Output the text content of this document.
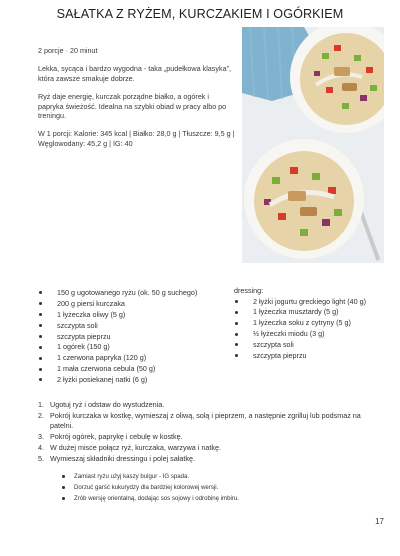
SAŁATKA Z RYŻEM, KURCZAKIEM I OGÓRKIEM

2 porcje · 20 minut

Lekka, sycąca i bardzo wygodna - taka „pudełkowa klasyka”, która zawsze smakuje dobrze.

Ryż daje energię, kurczak porządne białko, a ogórek i papryka świeżość. Idealna na szybki obiad w pracy albo po treningu.

W 1 porcji: Kalorie: 345 kcal | Białko: 28,0 g | Tłuszcze: 9,5 g | Węglowodany: 45,2 g | IG: 40

150 g ugotowanego ryżu (ok. 50 g suchego)
200 g piersi kurczaka
1 łyżeczka oliwy (5 g)
szczypta soli
szczypta pieprzu
1 ogórek (150 g)
1 czerwona papryka (120 g)
1 mała czerwona cebula (50 g)
2 łyżki posiekanej natki (6 g)
dressing:
2 łyżki jogurtu greckiego light (40 g)
1 łyżeczka musztardy (5 g)
1 łyżeczka soku z cytryny (5 g)
½ łyżeczki miodu (3 g)
szczypta soli
szczypta pieprzu
1. Ugotuj ryż i odstaw do wystudzenia.
2. Pokrój kurczaka w kostkę, wymieszaj z oliwą, solą i pieprzem, a następnie zgrilluj lub podsmaż na patelni.
3. Pokrój ogórek, paprykę i cebulę w kostkę.
4. W dużej misce połącz ryż, kurczaka, warzywa i natkę.
5. Wymieszaj składniki dressingu i polej sałatkę.
Zamiast ryżu użyj kaszy bulgur - IG spada.
Dorzuć garść kukurydzy dla bardziej kolorowej wersji.
Zrób wersję orientalną, dodając sos sojowy i odrobinę imbiru.
17
